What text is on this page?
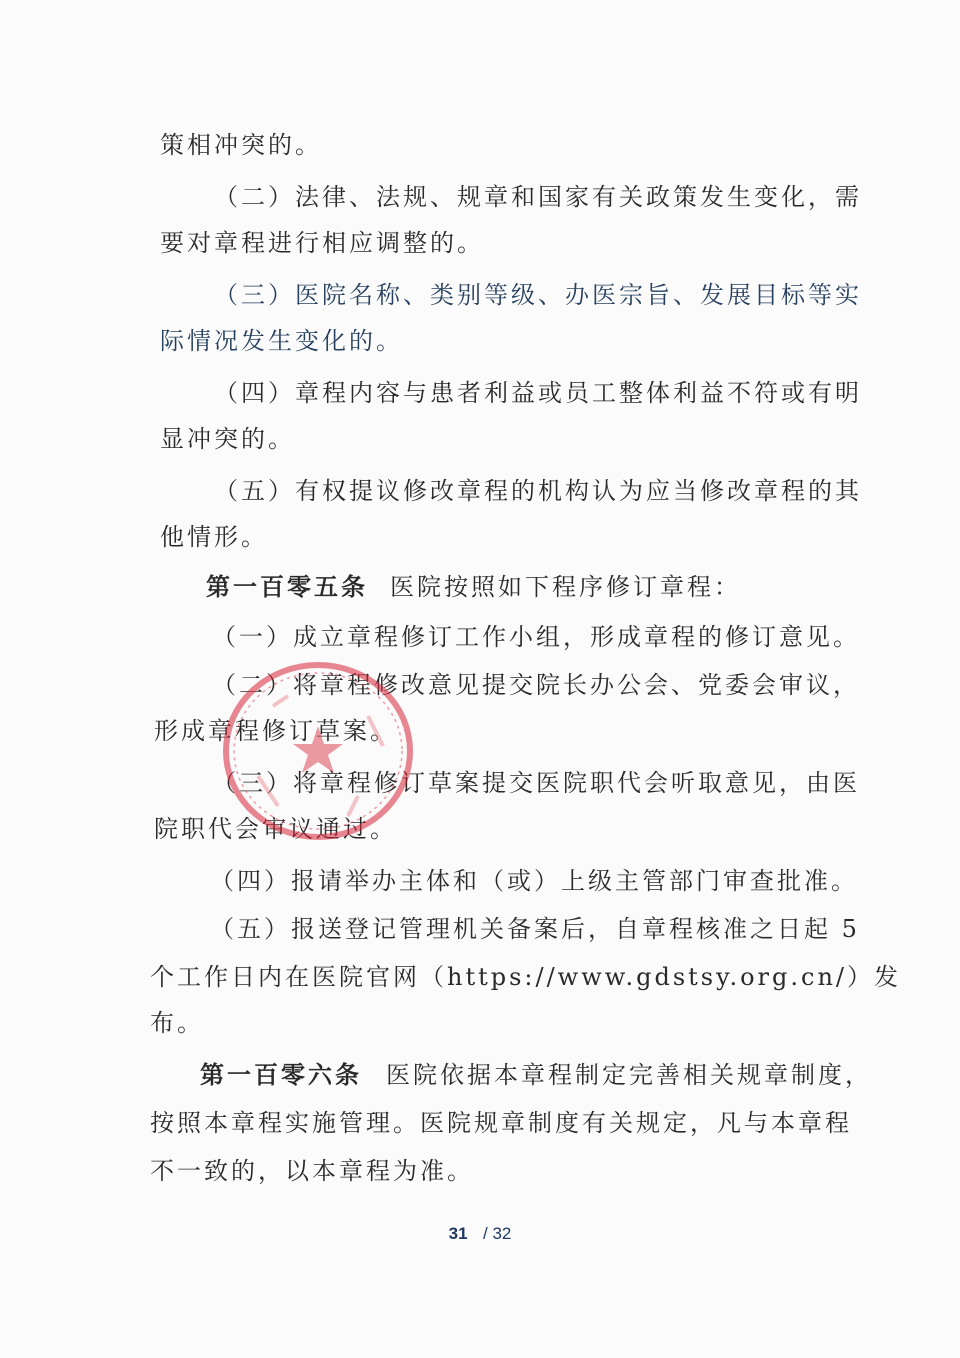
策相冲突的。
（二）法律、法规、规章和国家有关政策发生变化，需
要对章程进行相应调整的。
（三）医院名称、类别等级、办医宗旨、发展目标等实
际情况发生变化的。
（四）章程内容与患者利益或员工整体利益不符或有明
显冲突的。
（五）有权提议修改章程的机构认为应当修改章程的其
他情形。
第一百零五条 医院按照如下程序修订章程：
（一）成立章程修订工作小组，形成章程的修订意见。
（二）将章程修改意见提交院长办公会、党委会审议，
形成章程修订草案。
（三）将章程修订草案提交医院职代会听取意见，由医
院职代会审议通过。
（四）报请举办主体和（或）上级主管部门审查批准。
（五）报送登记管理机关备案后，自章程核准之日起 5
个工作日内在医院官网（https://www.gdstsy.org.cn/）发
布。
第一百零六条 医院依据本章程制定完善相关规章制度，
按照本章程实施管理。医院规章制度有关规定，凡与本章程
不一致的，以本章程为准。
31 / 32
